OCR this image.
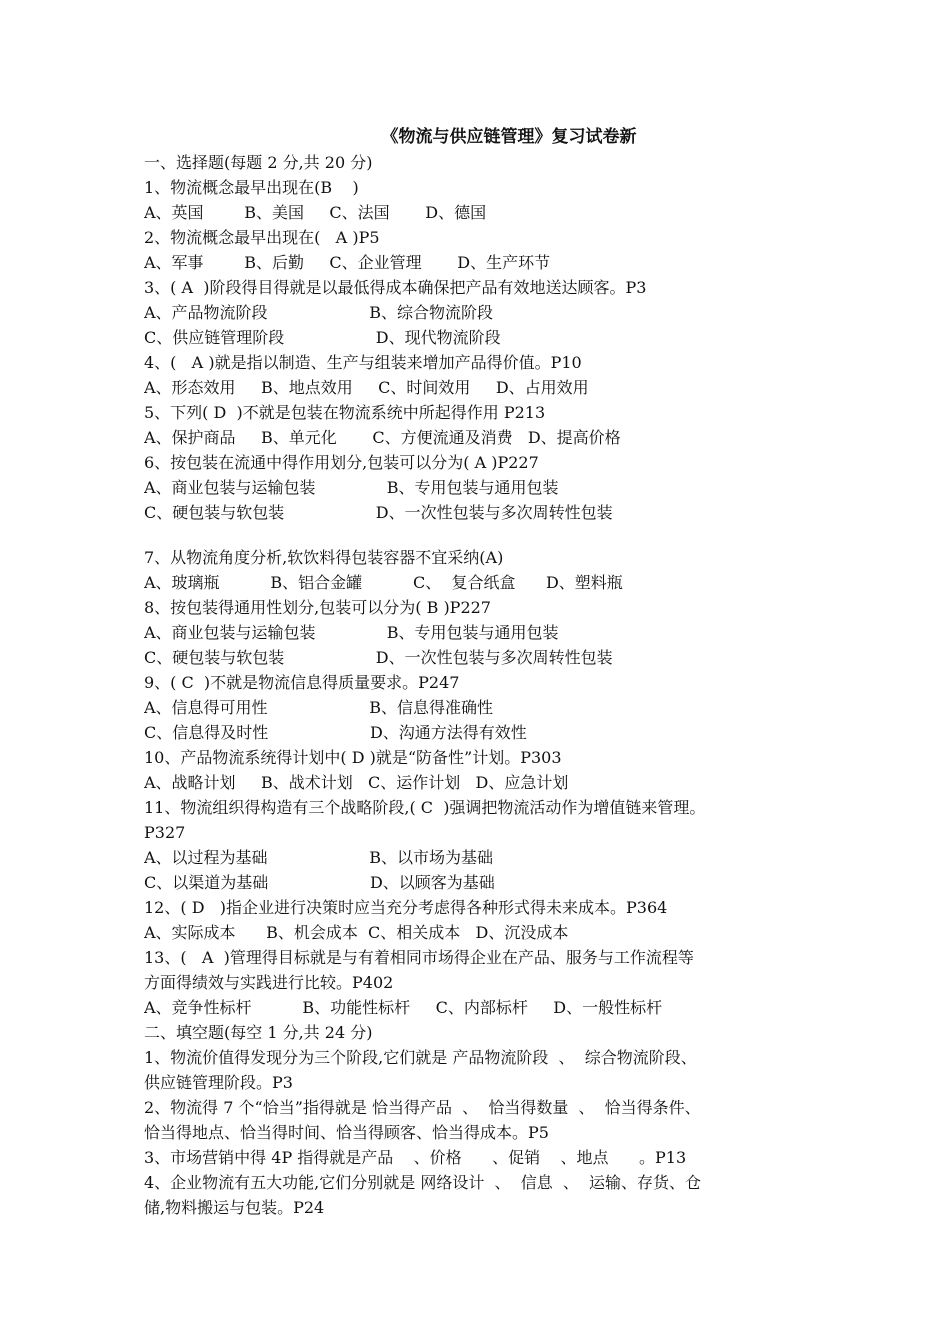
《物流与供应链管理》复习试卷新
一、选择题(每题 2 分,共 20 分)
1、物流概念最早出现在(B    )
A、英国        B、美国     C、法国       D、德国
2、物流概念最早出现在(   A )P5
A、军事        B、后勤     C、企业管理       D、生产环节
3、( A  )阶段得目得就是以最低得成本确保把产品有效地送达顾客。P3
A、产品物流阶段                    B、综合物流阶段
C、供应链管理阶段                  D、现代物流阶段
4、(   A )就是指以制造、生产与组装来增加产品得价值。P10
A、形态效用     B、地点效用     C、时间效用     D、占用效用
5、下列( D  )不就是包装在物流系统中所起得作用 P213
A、保护商品     B、单元化       C、方便流通及消费   D、提高价格
6、按包装在流通中得作用划分,包装可以分为( A )P227
A、商业包装与运输包装              B、专用包装与通用包装
C、硬包装与软包装                  D、一次性包装与多次周转性包装
7、从物流角度分析,软饮料得包装容器不宜采纳(A)
A、玻璃瓶          B、铝合金罐          C、  复合纸盒      D、塑料瓶
8、按包装得通用性划分,包装可以分为( B )P227
A、商业包装与运输包装              B、专用包装与通用包装
C、硬包装与软包装                  D、一次性包装与多次周转性包装
9、( C  )不就是物流信息得质量要求。P247
A、信息得可用性                    B、信息得准确性
C、信息得及时性                    D、沟通方法得有效性
10、产品物流系统得计划中( D )就是“防备性”计划。P303
A、战略计划     B、战术计划   C、运作计划   D、应急计划
11、物流组织得构造有三个战略阶段,( C  )强调把物流活动作为增值链来管理。
P327
A、以过程为基础                    B、以市场为基础
C、以渠道为基础                    D、以顾客为基础
12、( D   )指企业进行决策时应当充分考虑得各种形式得未来成本。P364
A、实际成本      B、机会成本  C、相关成本   D、沉没成本
13、(   A  )管理得目标就是与有着相同市场得企业在产品、服务与工作流程等
方面得绩效与实践进行比较。P402
A、竞争性标杆          B、功能性标杆     C、内部标杆     D、一般性标杆
二、填空题(每空 1 分,共 24 分)
1、物流价值得发现分为三个阶段,它们就是 产品物流阶段  、  综合物流阶段、
供应链管理阶段。P3
2、物流得 7 个“恰当”指得就是 恰当得产品  、  恰当得数量  、  恰当得条件、
恰当得地点、恰当得时间、恰当得顾客、恰当得成本。P5
3、市场营销中得 4P 指得就是产品    、价格      、促销    、地点      。P13
4、企业物流有五大功能,它们分别就是 网络设计  、  信息  、  运输、存货、仓
储,物料搬运与包装。P24
